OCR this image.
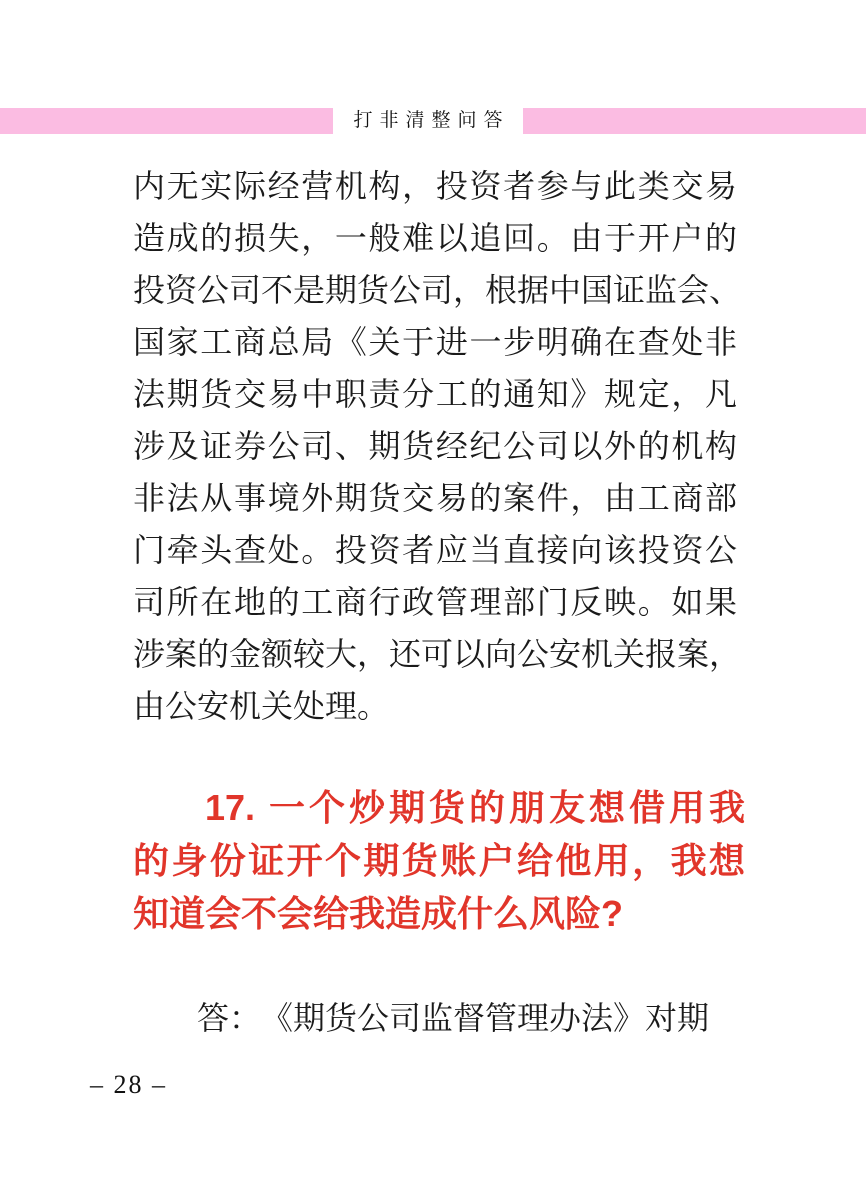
打非清整问答
内无实际经营机构，投资者参与此类交易
造成的损失，一般难以追回。由于开户的
投资公司不是期货公司，根据中国证监会、
国家工商总局《关于进一步明确在查处非
法期货交易中职责分工的通知》规定，凡
涉及证券公司、期货经纪公司以外的机构
非法从事境外期货交易的案件，由工商部
门牵头查处。投资者应当直接向该投资公
司所在地的工商行政管理部门反映。如果
涉案的金额较大，还可以向公安机关报案，
由公安机关处理。
17. 一个炒期货的朋友想借用我
的身份证开个期货账户给他用，我想
知道会不会给我造成什么风险?
答：　《期货公司监督管理办法》对期
– 28 –
